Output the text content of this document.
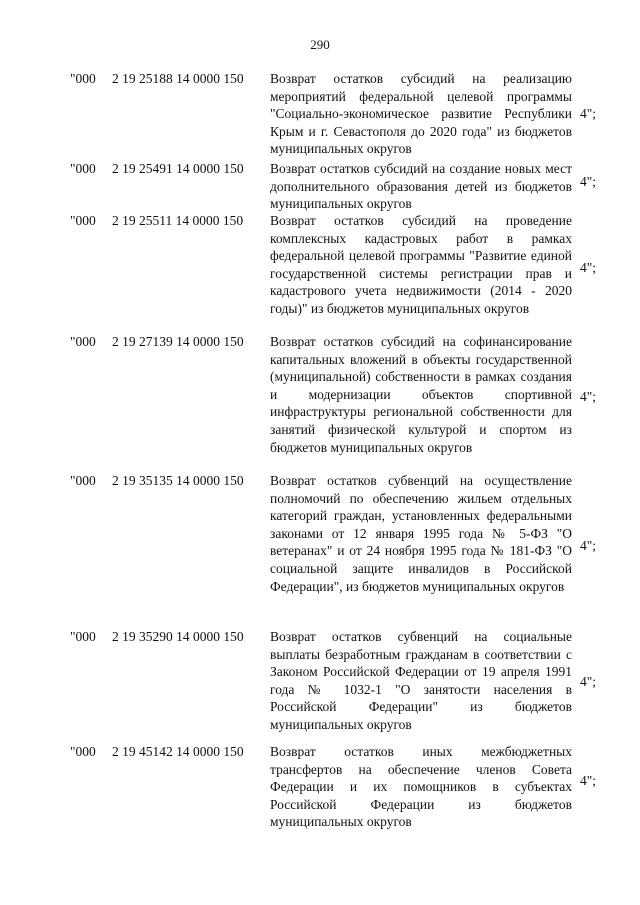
290
"000 2 19 25188 14 0000 150 Возврат остатков субсидий на реализацию мероприятий федеральной целевой программы "Социально-экономическое развитие Республики Крым и г. Севастополя до 2020 года" из бюджетов муниципальных округов
4";
"000 2 19 25491 14 0000 150 Возврат остатков субсидий на создание новых мест дополнительного образования детей из бюджетов муниципальных округов
4";
"000 2 19 25511 14 0000 150 Возврат остатков субсидий на проведение комплексных кадастровых работ в рамках федеральной целевой программы "Развитие единой государственной системы регистрации прав и кадастрового учета недвижимости (2014 - 2020 годы)" из бюджетов муниципальных округов
4";
"000 2 19 27139 14 0000 150 Возврат остатков субсидий на софинансирование капитальных вложений в объекты государственной (муниципальной) собственности в рамках создания и модернизации объектов спортивной инфраструктуры региональной собственности для занятий физической культурой и спортом из бюджетов муниципальных округов
4";
"000 2 19 35135 14 0000 150 Возврат остатков субвенций на осуществление полномочий по обеспечению жильем отдельных категорий граждан, установленных федеральными законами от 12 января 1995 года № 5-ФЗ "О ветеранах" и от 24 ноября 1995 года № 181-ФЗ "О социальной защите инвалидов в Российской Федерации", из бюджетов муниципальных округов
4";
"000 2 19 35290 14 0000 150 Возврат остатков субвенций на социальные выплаты безработным гражданам в соответствии с Законом Российской Федерации от 19 апреля 1991 года № 1032-1 "О занятости населения в Российской Федерации" из бюджетов муниципальных округов
4";
"000 2 19 45142 14 0000 150 Возврат остатков иных межбюджетных трансфертов на обеспечение членов Совета Федерации и их помощников в субъектах Российской Федерации из бюджетов муниципальных округов
4";
